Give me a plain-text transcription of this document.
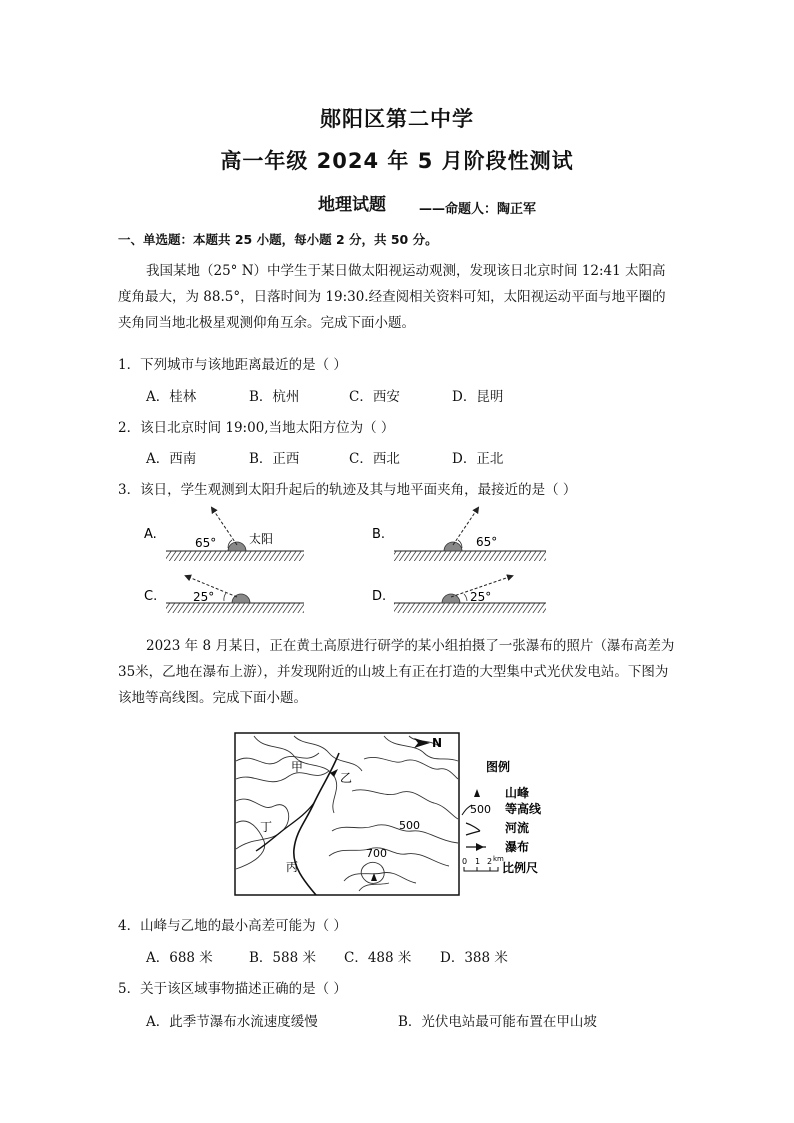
郧阳区第二中学
高一年级 2024 年 5 月阶段性测试
地理试题	——命题人：陶正军
一、单选题：本题共 25 小题，每小题 2 分，共 50 分。
我国某地（25° N）中学生于某日做太阳视运动观测，发现该日北京时间 12:41 太阳高度角最大，为 88.5°，日落时间为 19:30.经查阅相关资料可知，太阳视运动平面与地平圈的夹角同当地北极星观测仰角互余。完成下面小题。
1．下列城市与该地距离最近的是（ ）
A．桂林	B．杭州	C．西安	D．昆明
2．该日北京时间 19:00,当地太阳方位为（ ）
A．西南	B．正西	C．西北	D．正北
3．该日，学生观测到太阳升起后的轨迹及其与地平面夹角，最接近的是（ ）
A.
65°	太阳	B.	65°
C.	25°	D.	25°
2023 年 8 月某日，正在黄土高原进行研学的某小组拍摄了一张瀑布的照片（瀑布高差为 35米，乙地在瀑布上游），并发现附近的山坡上有正在打造的大型集中式光伏发电站。下图为该地等高线图。完成下面小题。
N
甲
乙
丙
丁	500
700
图例
山峰
500 等高线
河流
瀑布
0 1 2 km
比例尺
4．山峰与乙地的最小高差可能为（ ）
A．688 米	B．588 米 C．488 米 D．388 米
5．关于该区域事物描述正确的是（ ）
A．此季节瀑布水流速度缓慢	B．光伏电站最可能布置在甲山坡
